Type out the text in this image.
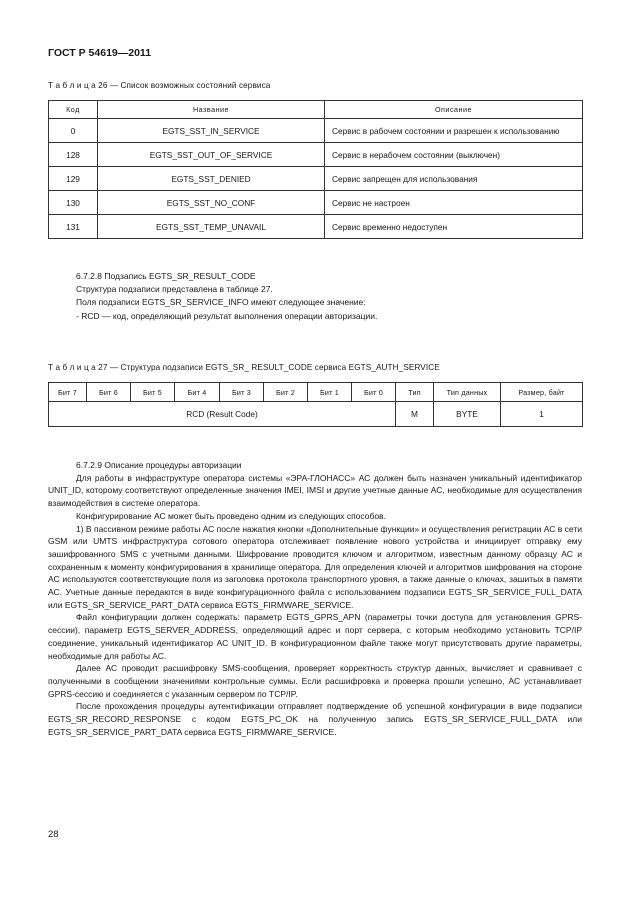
ГОСТ Р 54619—2011
Т а б л и ц а 26 — Список возможных состояний сервиса
Код	Название	Описание
0	EGTS_SST_IN_SERVICE	Сервис в рабочем состоянии и разрешен к использованию
128	EGTS_SST_OUT_OF_SERVICE	Сервис в нерабочем состоянии (выключен)
129	EGTS_SST_DENIED	Сервис запрещен для использования
130	EGTS_SST_NO_CONF	Сервис не настроен
131	EGTS_SST_TEMP_UNAVAIL	Сервис временно недоступен
6.7.2.8 Подзапись EGTS_SR_RESULT_CODE
Структура подзаписи представлена в таблице 27.
Поля подзаписи EGTS_SR_SERVICE_INFO имеют следующее значение:
- RCD — код, определяющий результат выполнения операции авторизации.
Т а б л и ц а 27 — Структура подзаписи EGTS_SR_ RESULT_CODE сервиса EGTS_AUTH_SERVICE
Бит 7	Бит 6	Бит 5	Бит 4	Бит 3	Бит 2	Бит 1	Бит 0	Тип	Тип данных	Размер, байт
RCD (Result Code)								M	BYTE	1

6.7.2.9 Описание процедуры авторизации

Для работы в инфраструктуре оператора системы «ЭРА-ГЛОНАСС» АС должен быть назначен уникальный идентификатор UNIT_ID, которому соответствуют определенные значения IMEI, IMSI и другие учетные данные АС, необходимые для осуществления взаимодействия в системе оператора.

Конфигурирование АС может быть проведено одним из следующих способов.

1) В пассивном режиме работы АС после нажатия кнопки «Дополнительные функции» и осуществления регистрации АС в сети GSM или UMTS инфраструктура сотового оператора отслеживает появление нового устройства и инициирует отправку ему зашифрованного SMS с учетными данными. Шифрование проводится ключом и алгоритмом, известным данному образцу АС и сохраненным к моменту конфигурирования в хранилище оператора. Для определения ключей и алгоритмов шифрования на стороне АС используются соответствующие поля из заголовка протокола транспортного уровня, а также данные о ключах, зашитых в памяти АС. Учетные данные передаются в виде конфигурационного файла с использованием подзаписи EGTS_SR_SERVICE_FULL_DATA или EGTS_SR_SERVICE_PART_DATA сервиса EGTS_FIRMWARE_SERVICE.

Файл конфигурации должен содержать: параметр EGTS_GPRS_APN (параметры точки доступа для установления GPRS-сессии), параметр EGTS_SERVER_ADDRESS, определяющий адрес и порт сервера, с которым необходимо установить TCP/IP соединение, уникальный идентификатор АС UNIT_ID. В конфигурационном файле также могут присутствовать другие параметры, необходимые для работы АС.

Далее АС проводит расшифровку SMS-сообщения, проверяет корректность структур данных, вычисляет и сравнивает с полученными в сообщении значениями контрольные суммы. Если расшифровка и проверка прошли успешно, АС устанавливает GPRS-сессию и соединяется с указанным сервером по TCP/IP.

После прохождения процедуры аутентификации отправляет подтверждение об успешной конфигурации в виде подзаписи EGTS_SR_RECORD_RESPONSE с кодом EGTS_PC_OK на полученную запись EGTS_SR_SERVICE_FULL_DATA или EGTS_SR_SERVICE_PART_DATA сервиса EGTS_FIRMWARE_SERVICE.

28
